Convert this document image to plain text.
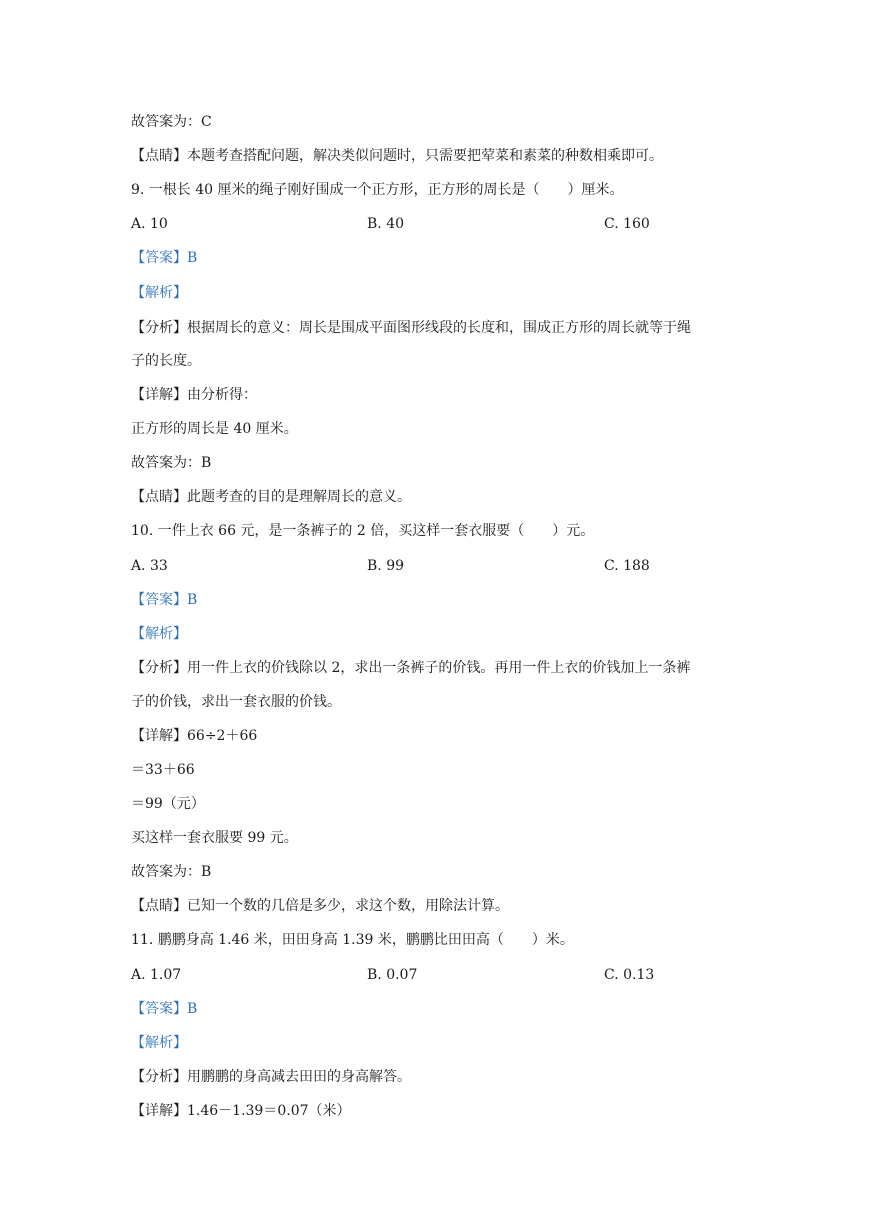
故答案为：C
【点睛】本题考查搭配问题，解决类似问题时，只需要把荤菜和素菜的种数相乘即可。
9. 一根长 40 厘米的绳子刚好围成一个正方形，正方形的周长是（　　）厘米。
A. 10	B. 40	C. 160
【答案】B
【解析】
【分析】根据周长的意义：周长是围成平面图形线段的长度和，围成正方形的周长就等于绳
子的长度。
【详解】由分析得：
正方形的周长是 40 厘米。
故答案为：B
【点睛】此题考查的目的是理解周长的意义。
10. 一件上衣 66 元，是一条裤子的 2 倍，买这样一套衣服要（　　）元。
A. 33	B. 99	C. 188
【答案】B
【解析】
【分析】用一件上衣的价钱除以 2，求出一条裤子的价钱。再用一件上衣的价钱加上一条裤
子的价钱，求出一套衣服的价钱。
【详解】66÷2＋66
＝33＋66
＝99（元）
买这样一套衣服要 99 元。
故答案为：B
【点睛】已知一个数的几倍是多少，求这个数，用除法计算。
11. 鹏鹏身高 1.46 米，田田身高 1.39 米，鹏鹏比田田高（　　）米。
A. 1.07	B. 0.07	C. 0.13
【答案】B
【解析】
【分析】用鹏鹏的身高减去田田的身高解答。
【详解】1.46－1.39＝0.07（米）
